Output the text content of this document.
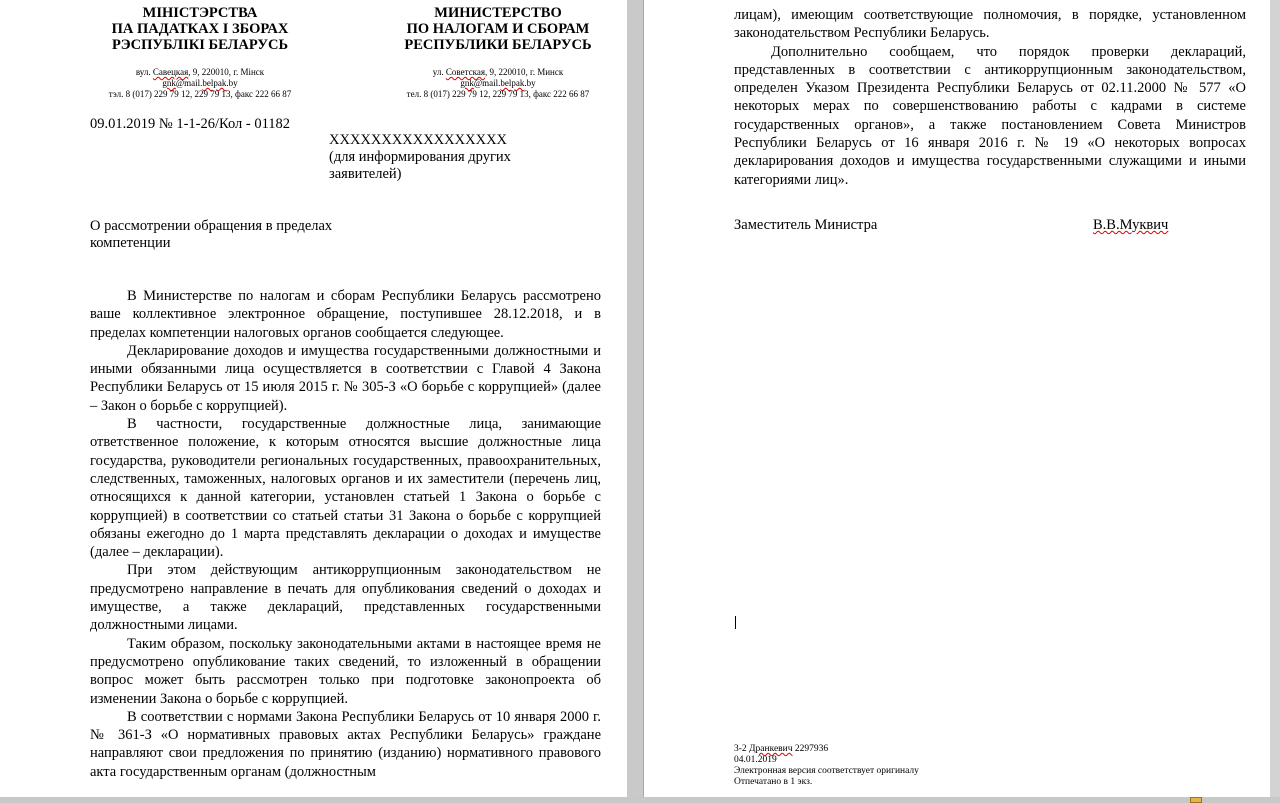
МІНІСТЭРСТВА
ПА ПАДАТКАХ І ЗБОРАХ
РЭСПУБЛІКІ БЕЛАРУСЬ
вул. Савецкая, 9, 220010, г. Мінск
gnk@mail.belpak.by
тэл. 8 (017) 229 79 12, 229 79 13, факс 222 66 87
МИНИСТЕРСТВО
ПО НАЛОГАМ И СБОРАМ
РЕСПУБЛИКИ БЕЛАРУСЬ
ул. Советская, 9, 220010, г. Минск
gnk@mail.belpak.by
тел. 8 (017) 229 79 12, 229 79 13, факс 222 66 87
09.01.2019 № 1-1-26/Кол - 01182
ХХХХХХХХХХХХХХХХХ
(для информирования других заявителей)
О рассмотрении обращения в пределах компетенции
В Министерстве по налогам и сборам Республики Беларусь рассмотрено ваше коллективное электронное обращение, поступившее 28.12.2018, и в пределах компетенции налоговых органов сообщается следующее.
Декларирование доходов и имущества государственными должностными и иными обязанными лица осуществляется в соответствии с Главой 4 Закона Республики Беларусь от 15 июля 2015 г. № 305-З «О борьбе с коррупцией» (далее – Закон о борьбе с коррупцией).
В частности, государственные должностные лица, занимающие ответственное положение, к которым относятся высшие должностные лица государства, руководители региональных государственных, правоохранительных, следственных, таможенных, налоговых органов и их заместители (перечень лиц, относящихся к данной категории, установлен статьей 1 Закона о борьбе с коррупцией) в соответствии со статьей статьи 31 Закона о борьбе с коррупцией обязаны ежегодно до 1 марта представлять декларации о доходах и имуществе (далее – декларации).
При этом действующим антикоррупционным законодательством не предусмотрено направление в печать для опубликования сведений о доходах и имуществе, а также деклараций, представленных государственными должностными лицами.
Таким образом, поскольку законодательными актами в настоящее время не предусмотрено опубликование таких сведений, то изложенный в обращении вопрос может быть рассмотрен только при подготовке законопроекта об изменении Закона о борьбе с коррупцией.
В соответствии с нормами Закона Республики Беларусь от 10 января 2000 г. № 361-З «О нормативных правовых актах Республики Беларусь» граждане направляют свои предложения по принятию (изданию) нормативного правового акта государственным органам (должностным
лицам), имеющим соответствующие полномочия, в порядке, установленном законодательством Республики Беларусь.
Дополнительно сообщаем, что порядок проверки деклараций, представленных в соответствии с антикоррупционным законодательством, определен Указом Президента Республики Беларусь от 02.11.2000 № 577 «О некоторых мерах по совершенствованию работы с кадрами в системе государственных органов», а также постановлением Совета Министров Республики Беларусь от 16 января 2016 г. № 19 «О некоторых вопросах декларирования доходов и имущества государственными служащими и иными категориями лиц».
Заместитель Министра	В.В.Муквич
3-2 Дранкевич 2297936
04.01.2019
Электронная версия соответствует оригиналу
Отпечатано в 1 экз.
